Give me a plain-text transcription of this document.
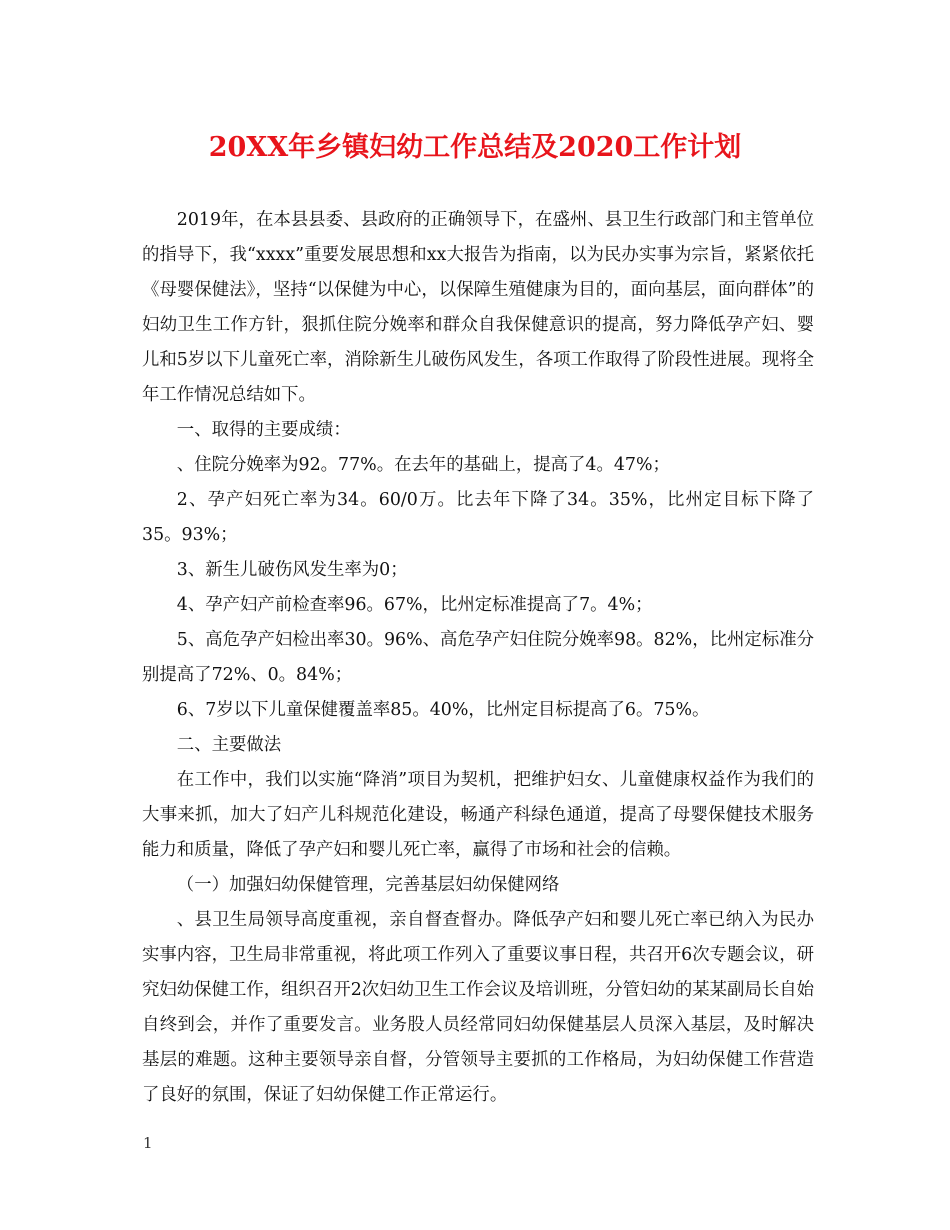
20XX年乡镇妇幼工作总结及2020工作计划

2019年，在本县县委、县政府的正确领导下，在盛州、县卫生行政部门和主管单位的指导下，我“xxxx”重要发展思想和xx大报告为指南，以为民办实事为宗旨，紧紧依托《母婴保健法》，坚持“以保健为中心，以保障生殖健康为目的，面向基层，面向群体”的妇幼卫生工作方针，狠抓住院分娩率和群众自我保健意识的提高，努力降低孕产妇、婴儿和5岁以下儿童死亡率，消除新生儿破伤风发生，各项工作取得了阶段性进展。现将全年工作情况总结如下。

一、取得的主要成绩：

、住院分娩率为92。77%。在去年的基础上，提高了4。47%；

2、孕产妇死亡率为34。60/0万。比去年下降了34。35%，比州定目标下降了35。93%；

3、新生儿破伤风发生率为0；

4、孕产妇产前检查率96。67%，比州定标准提高了7。4%；

5、高危孕产妇检出率30。96%、高危孕产妇住院分娩率98。82%，比州定标准分别提高了72%、0。84%；

6、7岁以下儿童保健覆盖率85。40%，比州定目标提高了6。75%。

二、主要做法

在工作中，我们以实施“降消”项目为契机，把维护妇女、儿童健康权益作为我们的大事来抓，加大了妇产儿科规范化建设，畅通产科绿色通道，提高了母婴保健技术服务能力和质量，降低了孕产妇和婴儿死亡率，赢得了市场和社会的信赖。

（一）加强妇幼保健管理，完善基层妇幼保健网络

、县卫生局领导高度重视，亲自督查督办。降低孕产妇和婴儿死亡率已纳入为民办实事内容，卫生局非常重视，将此项工作列入了重要议事日程，共召开6次专题会议，研究妇幼保健工作，组织召开2次妇幼卫生工作会议及培训班，分管妇幼的某某副局长自始自终到会，并作了重要发言。业务股人员经常同妇幼保健基层人员深入基层，及时解决基层的难题。这种主要领导亲自督，分管领导主要抓的工作格局，为妇幼保健工作营造了良好的氛围，保证了妇幼保健工作正常运行。

1
